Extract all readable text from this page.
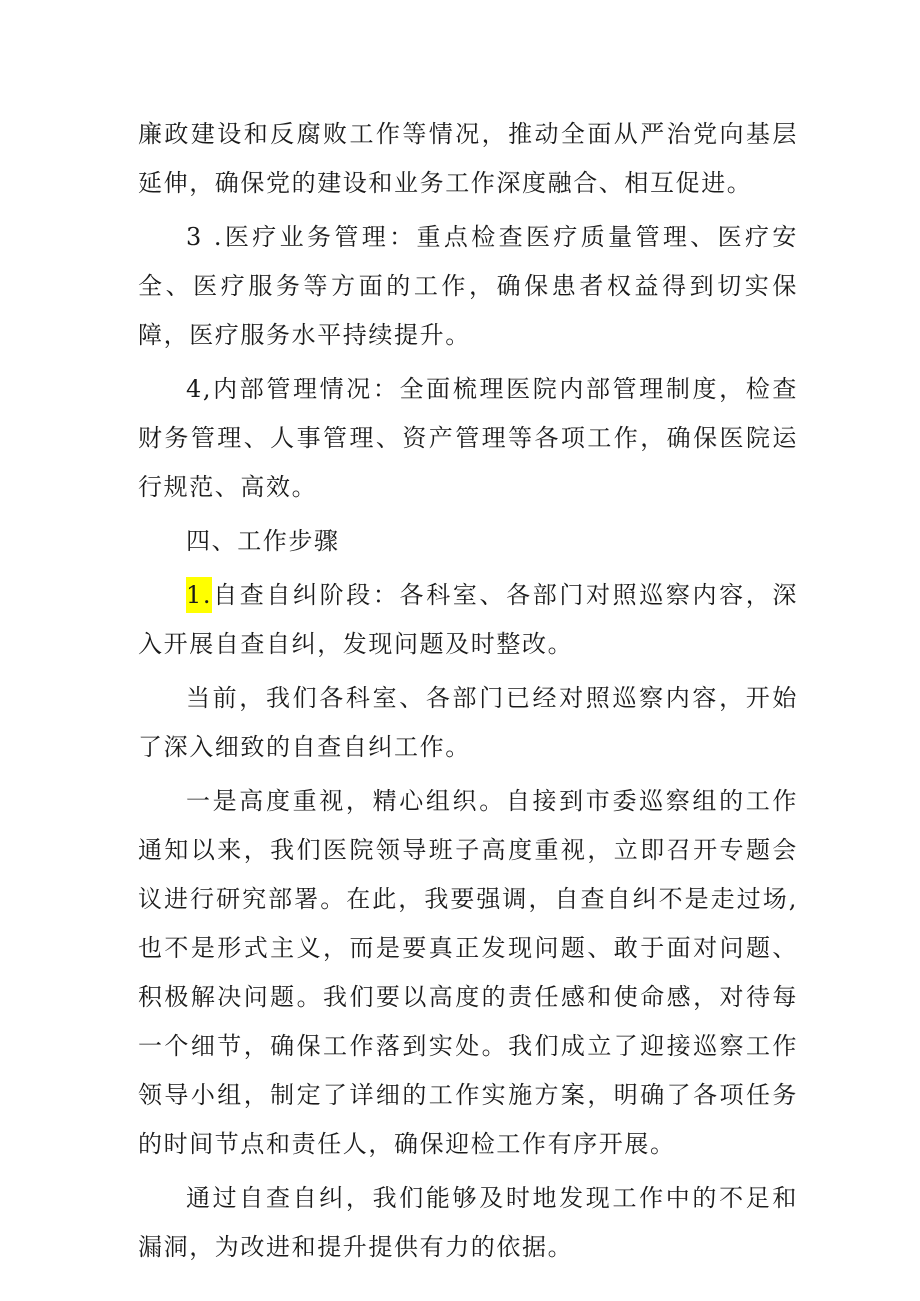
廉政建设和反腐败工作等情况，推动全面从严治党向基层延伸，确保党的建设和业务工作深度融合、相互促进。

3 .医疗业务管理：重点检查医疗质量管理、医疗安全、医疗服务等方面的工作，确保患者权益得到切实保障，医疗服务水平持续提升。

4,内部管理情况：全面梳理医院内部管理制度，检查财务管理、人事管理、资产管理等各项工作，确保医院运行规范、高效。

四、工作步骤

1.自查自纠阶段：各科室、各部门对照巡察内容，深入开展自查自纠，发现问题及时整改。

当前，我们各科室、各部门已经对照巡察内容，开始了深入细致的自查自纠工作。

一是高度重视，精心组织。自接到市委巡察组的工作通知以来，我们医院领导班子高度重视，立即召开专题会议进行研究部署。在此，我要强调，自查自纠不是走过场,也不是形式主义，而是要真正发现问题、敢于面对问题、积极解决问题。我们要以高度的责任感和使命感，对待每一个细节，确保工作落到实处。我们成立了迎接巡察工作领导小组，制定了详细的工作实施方案，明确了各项任务的时间节点和责任人，确保迎检工作有序开展。

通过自查自纠，我们能够及时地发现工作中的不足和漏洞，为改进和提升提供有力的依据。
